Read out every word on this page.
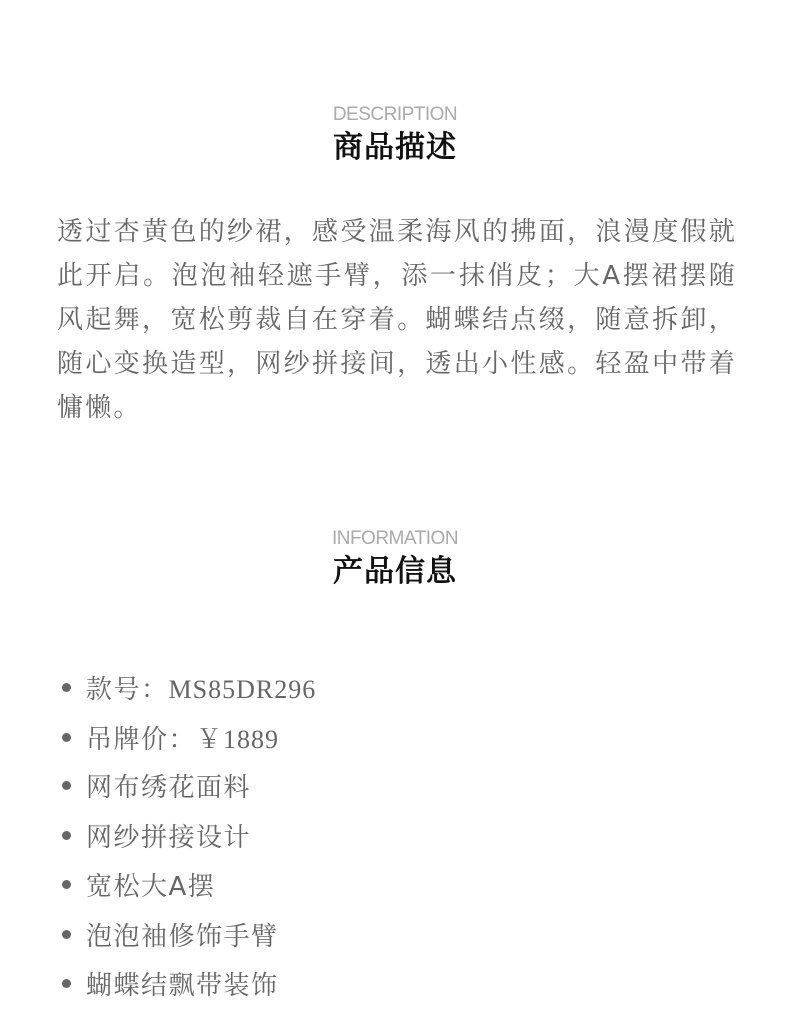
DESCRIPTION
商品描述

透过杏黄色的纱裙，感受温柔海风的拂面，浪漫度假就此开启。泡泡袖轻遮手臂，添一抹俏皮；大A摆裙摆随风起舞，宽松剪裁自在穿着。蝴蝶结点缀，随意拆卸，随心变换造型，网纱拼接间，透出小性感。轻盈中带着慵懒。

INFORMATION
产品信息
款号：MS85DR296
吊牌价：￥1889
网布绣花面料
网纱拼接设计
宽松大A摆
泡泡袖修饰手臂
蝴蝶结飘带装饰
